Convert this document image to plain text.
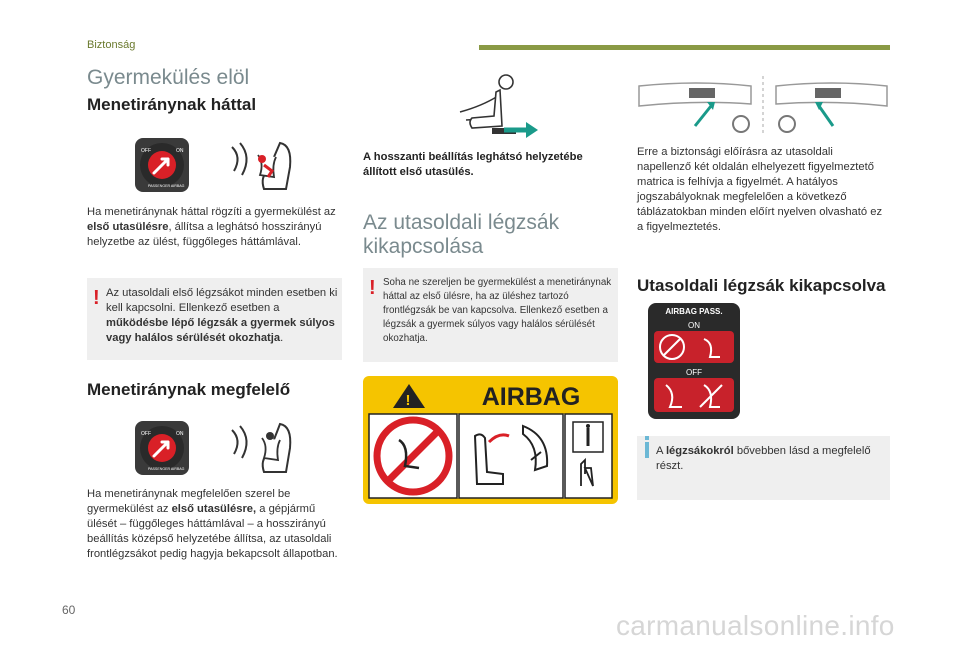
Biztonság
Gyermekülés elöl
Menetiránynak háttal
OFF	ON
PASSENGER AIRBAG
Ha menetiránynak háttal rögzíti a gyermekülést az első utasülésre, állítsa a leghátsó hosszirányú helyzetbe az ülést, függőleges háttámlával.
! Az utasoldali első légzsákot minden esetben ki kell kapcsolni. Ellenkező esetben a működésbe lépő légzsák a gyermek súlyos vagy halálos sérülését okozhatja.
Menetiránynak megfelelő
OFF	ON
PASSENGER AIRBAG
Ha menetiránynak megfelelően szerel be gyermekülést az első utasülésre, a gépjármű ülését – függőleges háttámlával – a hosszirányú beállítás középső helyzetébe állítsa, az utasoldali frontlégzsákot pedig hagyja bekapcsolt állapotban.
A hosszanti beállítás leghátsó helyzetébe állított első utasülés.
Az utasoldali légzsák kikapcsolása
! Soha ne szereljen be gyermekülést a menetiránynak háttal az első ülésre, ha az üléshez tartozó frontlégzsák be van kapcsolva. Ellenkező esetben a légzsák a gyermek súlyos vagy halálos sérülését okozhatja.
!	AIRBAG
Erre a biztonsági előírásra az utasoldali napellenző két oldalán elhelyezett figyelmeztető matrica is felhívja a figyelmét. A hatályos jogszabályoknak megfelelően a következő táblázatokban minden előírt nyelven olvasható ez a figyelmeztetés.
Utasoldali légzsák kikapcsolva
AIRBAG PASS.
ON
OFF
A légzsákokról bővebben lásd a megfelelő részt.
60	carmanualsonline.info
